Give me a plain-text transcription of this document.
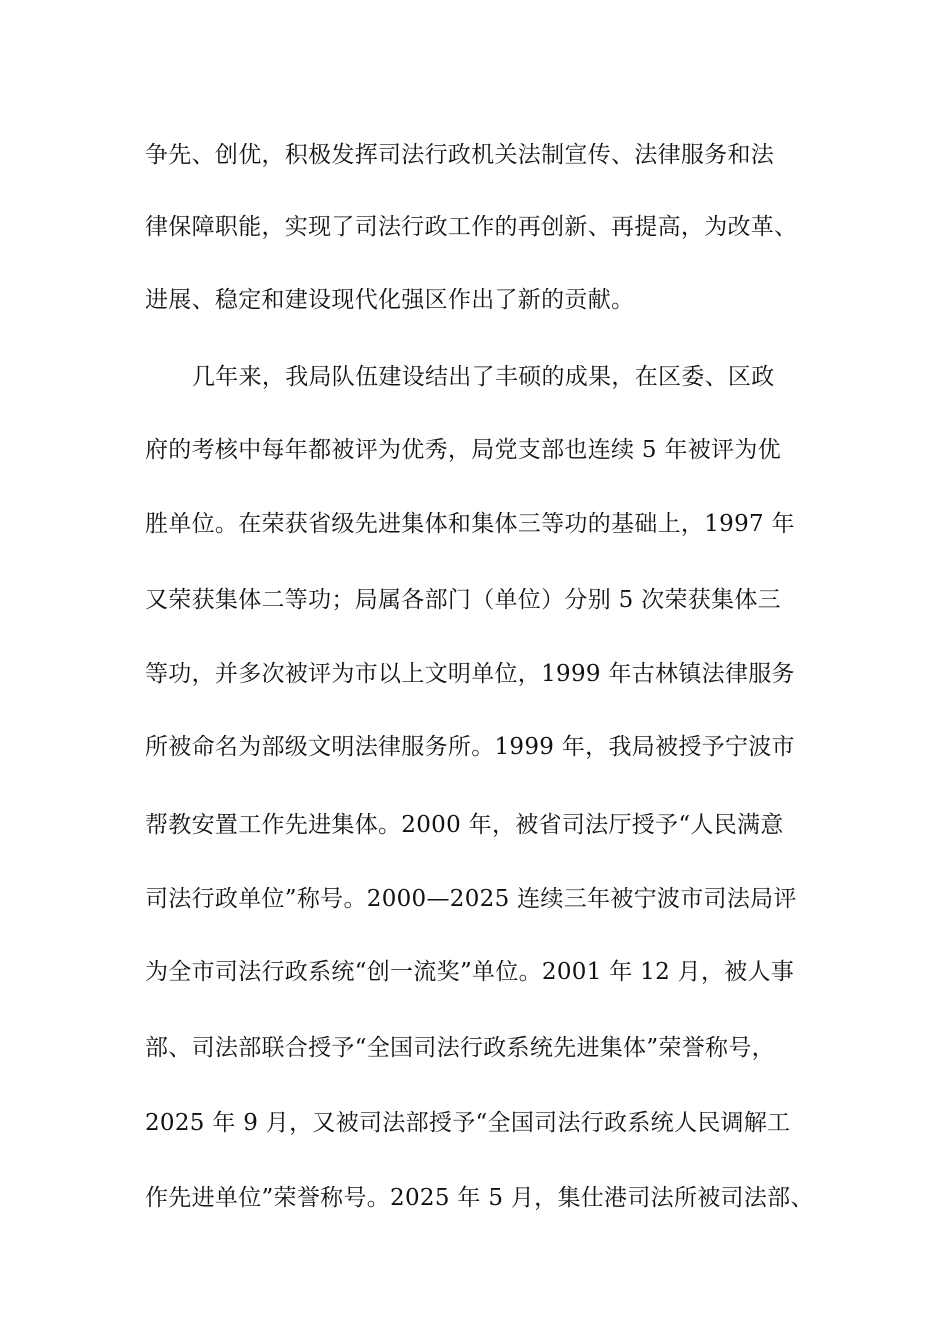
争先、创优，积极发挥司法行政机关法制宣传、法律服务和法
律保障职能，实现了司法行政工作的再创新、再提高，为改革、
进展、稳定和建设现代化强区作出了新的贡献。
几年来，我局队伍建设结出了丰硕的成果，在区委、区政
府的考核中每年都被评为优秀，局党支部也连续 5 年被评为优
胜单位。在荣获省级先进集体和集体三等功的基础上，1997 年
又荣获集体二等功；局属各部门（单位）分别 5 次荣获集体三
等功，并多次被评为市以上文明单位，1999 年古林镇法律服务
所被命名为部级文明法律服务所。1999 年，我局被授予宁波市
帮教安置工作先进集体。2000 年，被省司法厅授予“人民满意
司法行政单位”称号。2000—2025 连续三年被宁波市司法局评
为全市司法行政系统“创一流奖”单位。2001 年 12 月，被人事
部、司法部联合授予“全国司法行政系统先进集体”荣誉称号，
2025 年 9 月，又被司法部授予“全国司法行政系统人民调解工
作先进单位”荣誉称号。2025 年 5 月，集仕港司法所被司法部、
